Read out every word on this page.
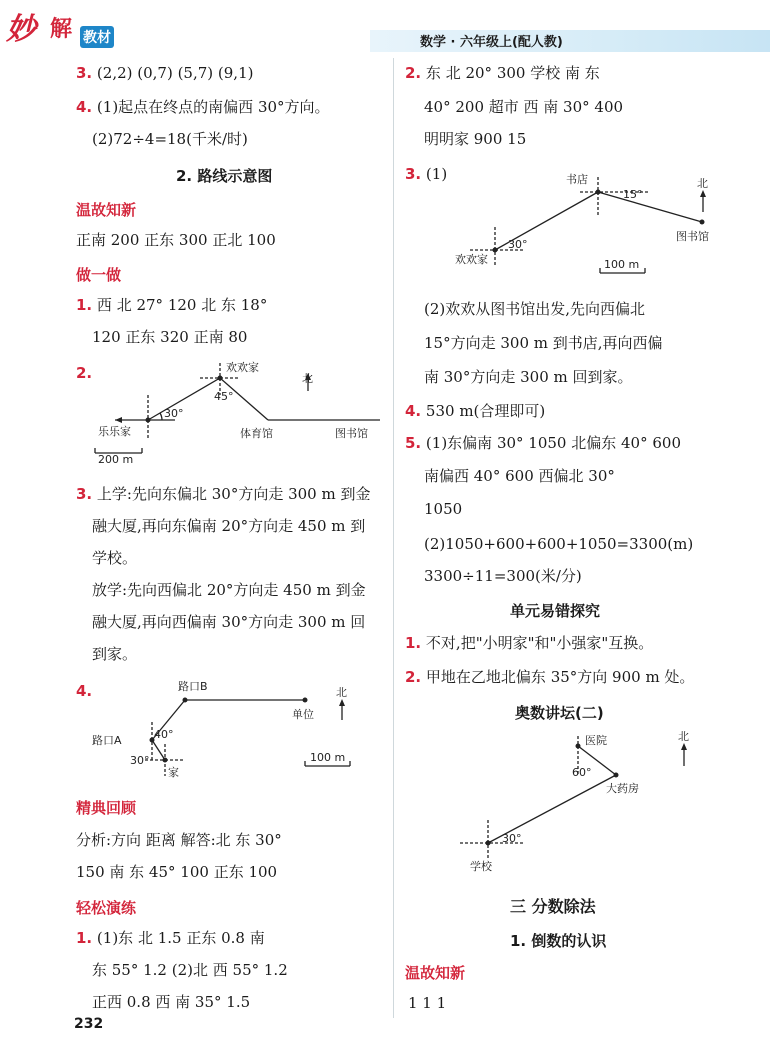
妙 解 教材	数学 · 六年级上(配人教)
3. (2,2) (0,7) (5,7) (9,1)
4. (1)起点在终点的南偏西 30°方向。
(2)72÷4=18(千米/时)
2. 路线示意图
温故知新
正南 200 正东 300 正北 100
做一做
1. 西 北 27° 120 北 东 18°
120 正东 320 正南 80
2.	欢欢家
北
30°
45°
乐乐家	体育馆	图书馆
200 m
3. 上学:先向东偏北 30°方向走 300 m 到金
融大厦,再向东偏南 20°方向走 450 m 到
学校。
放学:先向西偏北 20°方向走 450 m 到金
融大厦,再向西偏南 30°方向走 300 m 回
到家。
4.	路口B
单位
北
路口A	40°
30°
家
100 m
精典回顾
分析:方向 距离 解答:北 东 30°
150 南 东 45° 100 正东 100
轻松演练
1. (1)东 北 1.5 正东 0.8 南
东 55° 1.2 (2)北 西 55° 1.2
正西 0.8 西 南 35° 1.5
232
2. 东 北 20° 300 学校 南 东
40° 200 超市 西 南 30° 400
明明家 900 15
3. (1)	书店
15°
北
图书馆
欢欢家
30°
100 m
(2)欢欢从图书馆出发,先向西偏北
15°方向走 300 m 到书店,再向西偏
南 30°方向走 300 m 回到家。
4. 530 m(合理即可)
5. (1)东偏南 30° 1050 北偏东 40° 600
南偏西 40° 600 西偏北 30°
1050
(2)1050+600+600+1050=3300(m)
3300÷11=300(米/分)
单元易错探究
1. 不对,把"小明家"和"小强家"互换。
2. 甲地在乙地北偏东 35°方向 900 m 处。
奥数讲坛(二)
医院	北
60°
大药房
30°
学校
三 分数除法
1. 倒数的认识
温故知新
1 1 1
